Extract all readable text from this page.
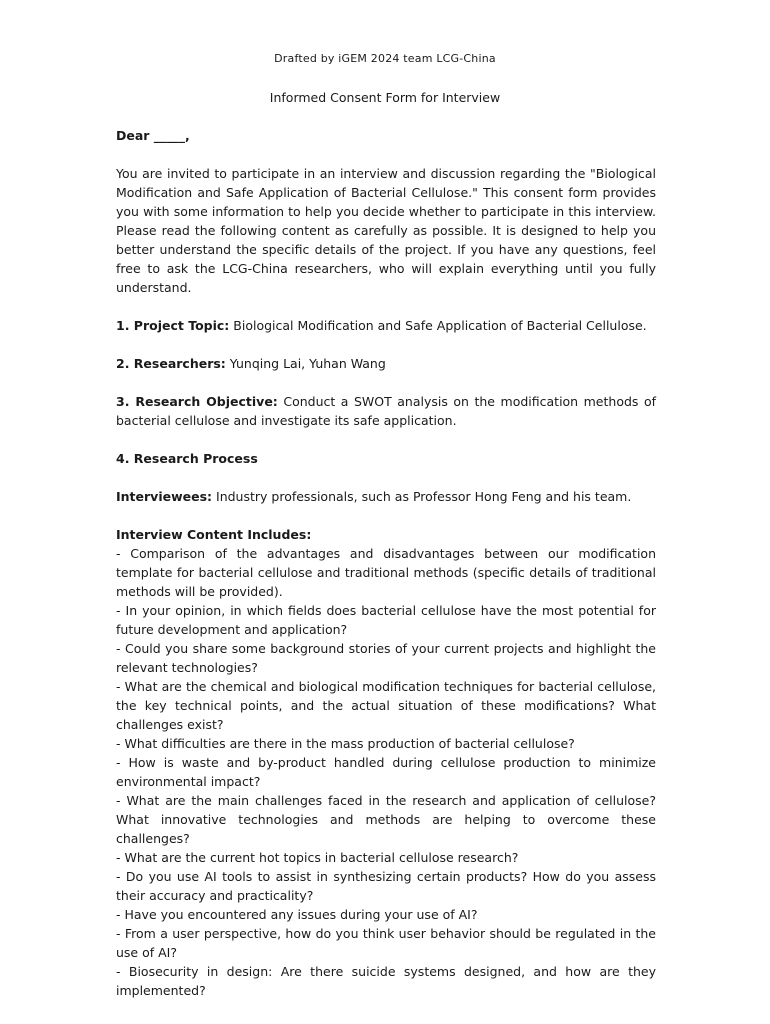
Drafted by iGEM 2024 team LCG-China
Informed Consent Form for Interview

Dear _____,

You are invited to participate in an interview and discussion regarding the "Biological Modification and Safe Application of Bacterial Cellulose." This consent form provides you with some information to help you decide whether to participate in this interview. Please read the following content as carefully as possible. It is designed to help you better understand the specific details of the project. If you have any questions, feel free to ask the LCG-China researchers, who will explain everything until you fully understand.

1. Project Topic: Biological Modification and Safe Application of Bacterial Cellulose.

2. Researchers: Yunqing Lai, Yuhan Wang

3. Research Objective: Conduct a SWOT analysis on the modification methods of bacterial cellulose and investigate its safe application.

4. Research Process

Interviewees: Industry professionals, such as Professor Hong Feng and his team.

Interview Content Includes:

- Comparison of the advantages and disadvantages between our modification template for bacterial cellulose and traditional methods (specific details of traditional methods will be provided).

- In your opinion, in which fields does bacterial cellulose have the most potential for future development and application?

- Could you share some background stories of your current projects and highlight the relevant technologies?

- What are the chemical and biological modification techniques for bacterial cellulose, the key technical points, and the actual situation of these modifications? What challenges exist?

- What difficulties are there in the mass production of bacterial cellulose?

- How is waste and by-product handled during cellulose production to minimize environmental impact?

- What are the main challenges faced in the research and application of cellulose? What innovative technologies and methods are helping to overcome these challenges?

- What are the current hot topics in bacterial cellulose research?

- Do you use AI tools to assist in synthesizing certain products? How do you assess their accuracy and practicality?

- Have you encountered any issues during your use of AI?

- From a user perspective, how do you think user behavior should be regulated in the use of AI?

- Biosecurity in design: Are there suicide systems designed, and how are they implemented?
